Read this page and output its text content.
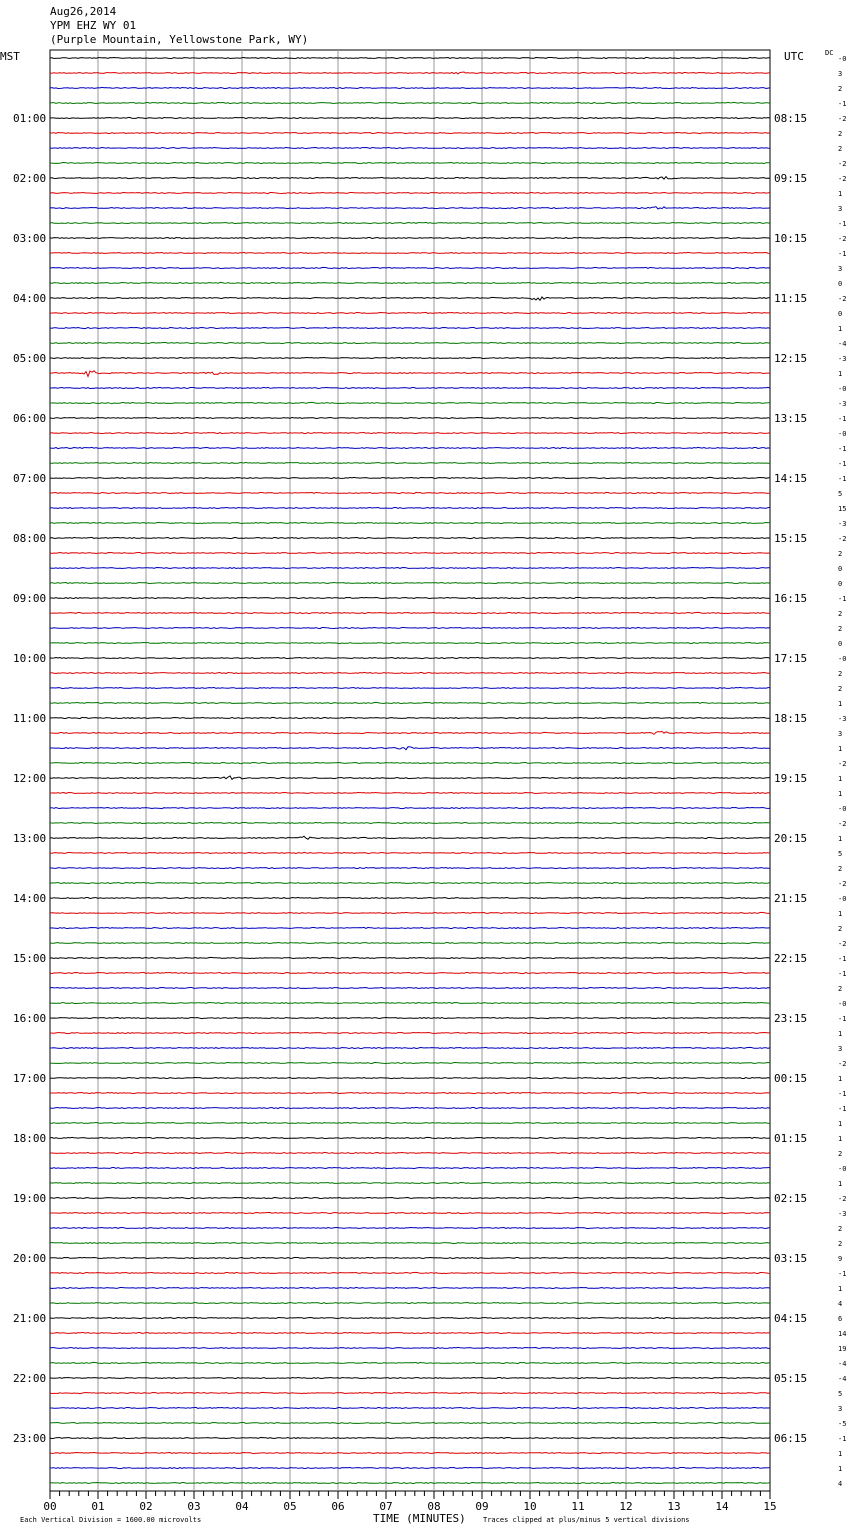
Aug26,2014
YPM EHZ WY 01
(Purple Mountain, Yellowstone Park, WY)
MST	UTC	DC
-0
3
2
-1
-2
2
2
-2
-2
1
3
-1
-2
-1
3
0
-2
0
1
-4
-3
1
-0
-3
-1
-0
-1
-1
-1
5
15
-3
-2
2
0
0
-1
2
2
0
-0
2
2
1
-3
3
1
-2
1
1
-0
-2
1
5
2
-2
-0
1
2
-2
-1
-1
2
-0
-1
1
3
-2
1
-1
-1
1
1
2
-0
1
-2
-3
2
2
9
-1
1
4
6
14
19
-4
-4
5
3
-5
-1
1
1
4
01:00
02:00
03:00
04:00
05:00
06:00
07:00
08:00
09:00
10:00
11:00
12:00
13:00
14:00
15:00
16:00
17:00
18:00
19:00
20:00
21:00
22:00
23:00
08:15
09:15
10:15
11:15
12:15
13:15
14:15
15:15
16:15
17:15
18:15
19:15
20:15
21:15
22:15
23:15
00:15
01:15
02:15
03:15
04:15
05:15
06:15
00	01	02	03	04	05	06	07	08	09	10	11	12	13	14	15
Each Vertical Division = 1600.00 microvolts	TIME (MINUTES) Traces clipped at plus/minus 5 vertical divisions
